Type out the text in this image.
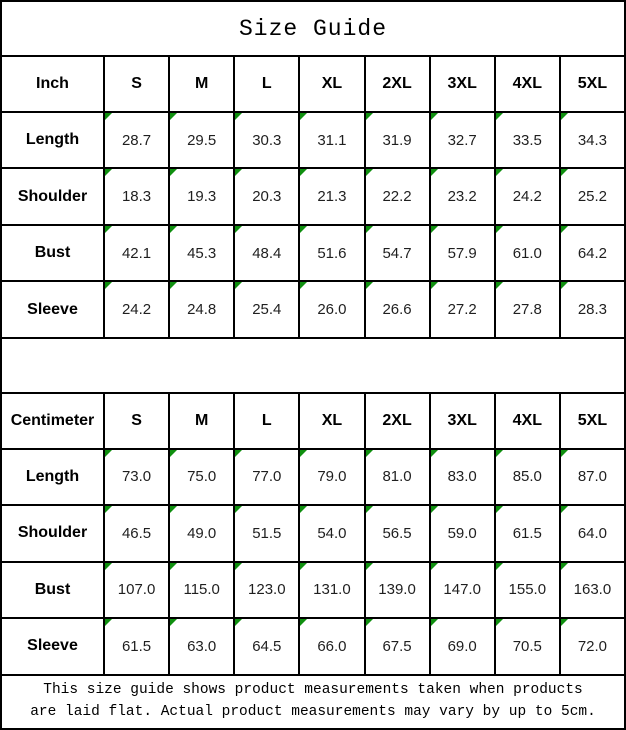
Size Guide								
Inch	S	M	L	XL	2XL	3XL	4XL	5XL
Length	28.7	29.5	30.3	31.1	31.9	32.7	33.5	34.3
Shoulder	18.3	19.3	20.3	21.3	22.2	23.2	24.2	25.2
Bust	42.1	45.3	48.4	51.6	54.7	57.9	61.0	64.2
Sleeve	24.2	24.8	25.4	26.0	26.6	27.2	27.8	28.3

Centimeter	S	M	L	XL	2XL	3XL	4XL	5XL
Length	73.0	75.0	77.0	79.0	81.0	83.0	85.0	87.0
Shoulder	46.5	49.0	51.5	54.0	56.5	59.0	61.5	64.0
Bust	107.0	115.0	123.0	131.0	139.0	147.0	155.0	163.0
Sleeve	61.5	63.0	64.5	66.0	67.5	69.0	70.5	72.0

This size guide shows product measurements taken when products
are laid flat. Actual product measurements may vary by up to 5cm.								
